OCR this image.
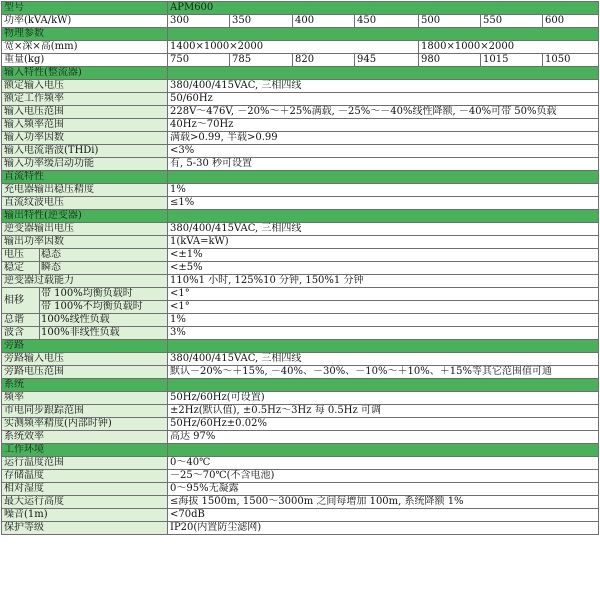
型号		APM600						
功率(kVA/kW)		300	350	400	450	500	550	600
物理参数								
宽×深×高(mm)		1400×1000×2000				1800×1000×2000		
重量(kg)		750	785	820	945	980	1015	1050
输入特性(整流器)								
额定输入电压		380/400/415VAC, 三相四线						
额定工作频率		50/60Hz						
输入电压范围		228V～476V, －20%～＋25%满载, －25%～－40%线性降额, －40%可带 50%负载						
输入频率范围		40Hz～70Hz						
输入功率因数		满载>0.99, 半载>0.99						
输入电流谐波(THDi)		<3%						
输入功率缓启动功能		有, 5-30 秒可设置						
直流特性								
充电器输出稳压精度		1%						
直流纹波电压		≤1%						
输出特性(逆变器)								
逆变器输出电压		380/400/415VAC, 三相四线						
输出功率因数		1(kVA=kW)						
电压	稳态	<±1%						
稳定	瞬态	<±5%						
逆变器过载能力		110%1 小时, 125%10 分钟, 150%1 分钟						
相移	带 100%均衡负载时	<1°						
	带 100%不均衡负载时	<1°						
总谐	100%线性负载	1%						
波含	100%非线性负载	3%						
旁路								
旁路输入电压		380/400/415VAC, 三相四线						
旁路电压范围		默认－20%～＋15%, －40%、－30%、－10%～＋10%、＋15%等其它范围值可通						
系统								
频率		50Hz/60Hz(可设置)						
市电同步跟踪范围		±2Hz(默认值), ±0.5Hz～3Hz 每 0.5Hz 可调						
实测频率精度(内部时钟)		50Hz/60Hz±0.02%						
系统效率		高达 97%						
工作环境								
运行温度范围		0～40℃						
存储温度		－25～70℃(不含电池)						
相对湿度		0～95%无凝露						
最大运行高度		≤海拔 1500m, 1500～3000m 之间每增加 100m, 系统降额 1%						
噪音(1m)		<70dB						
保护等级		IP20(内置防尘滤网)						
